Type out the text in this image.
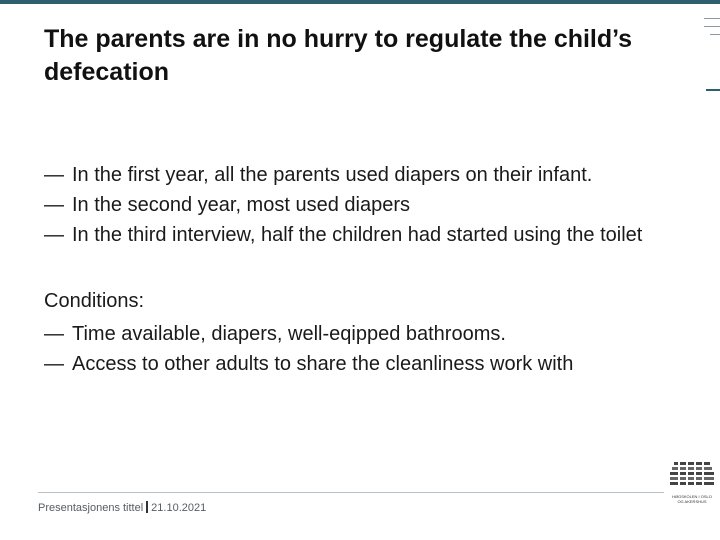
The parents are in no hurry to regulate the child’s defecation
— In the first year, all the parents used diapers on their infant.
— In the second year, most used diapers
— In the third interview, half the children had started using the toilet
Conditions:
— Time available, diapers, well-eqipped bathrooms.
— Access to other adults to share the cleanliness work with
Presentasjonens tittel 21.10.2021
HØGSKOLEN I OSLO
OG AKERSHUS
